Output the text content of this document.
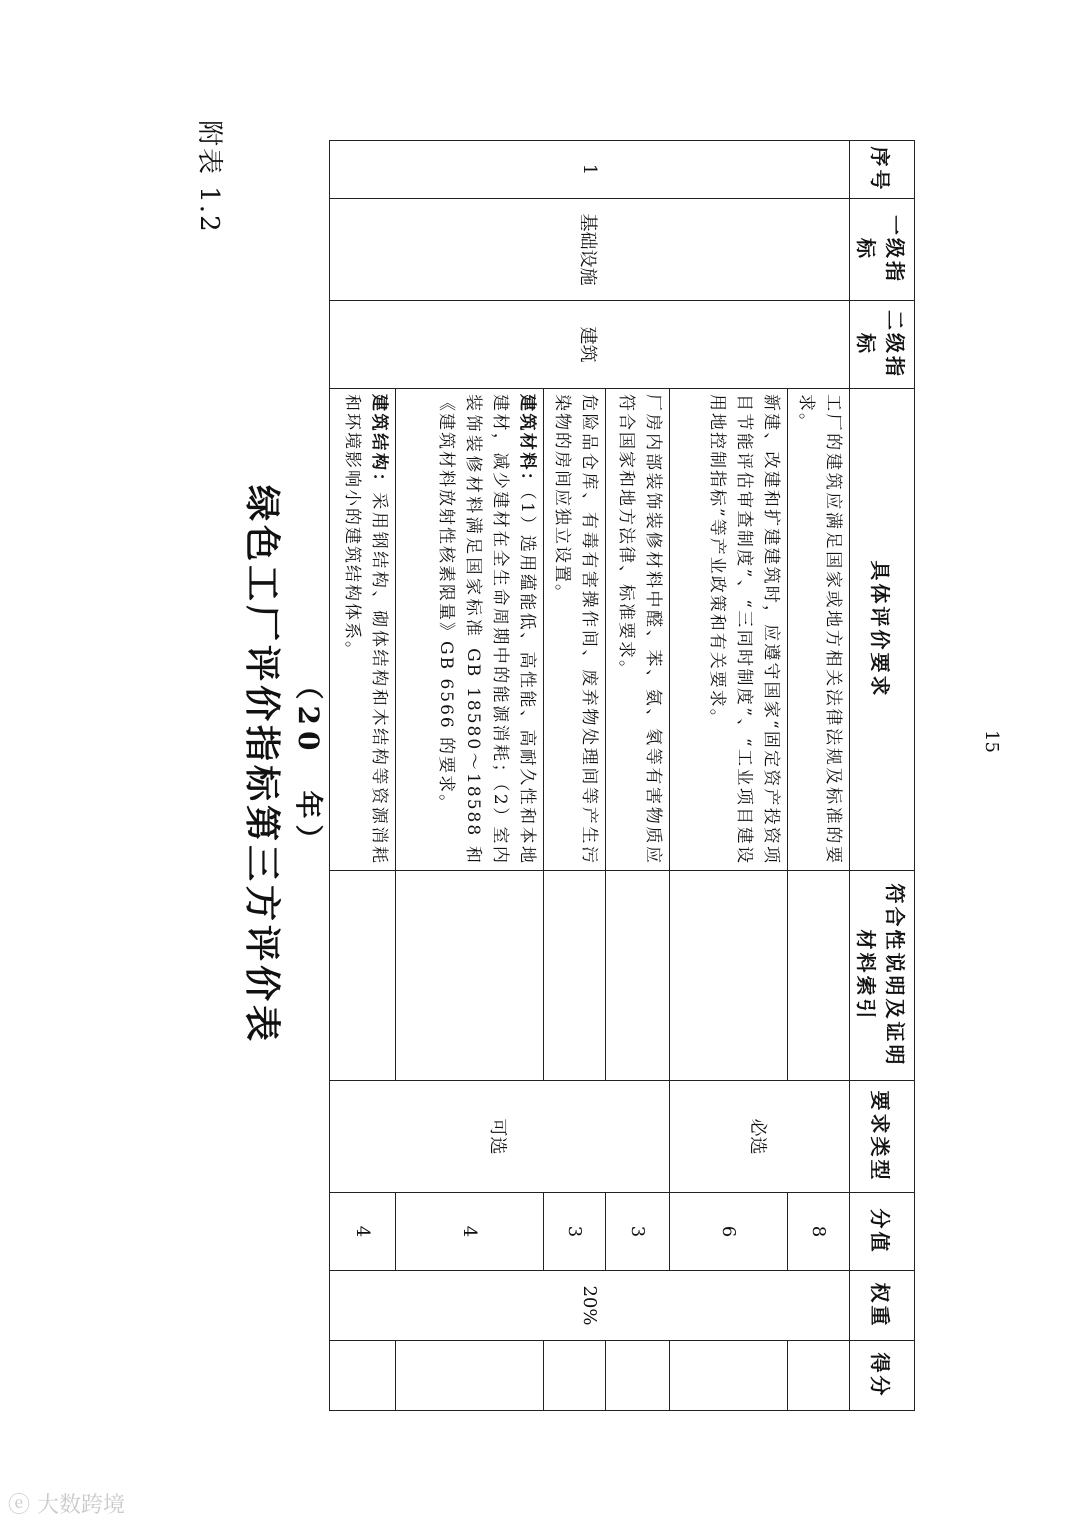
附表 1.2
绿色工厂评价指标第三方评价表 （20　年）	15
序号	一级指标	二级指标	具体评价要求	符合性说明及证明材料索引	要求类型	分值	权重	得分
1	基础设施	建筑	工厂的建筑应满足国家或地方相关法律法规及标准的要求。		必选	8	20%	
			新建、改建和扩建建筑时，应遵守国家“固定资产投资项目节能评估审查制度”、“三同时制度”、“工业项目建设用地控制指标”等产业政策和有关要求。			6		
			厂房内部装饰装修材料中醛、苯、氨、氡等有害物质应符合国家和地方法律、标准要求。		可选	3		
			危险品仓库、有毒有害操作间、废弃物处理间等产生污染物的房间应独立设置。			3		
			建筑材料：（1）选用蕴能低、高性能、高耐久性和本地建材，减少建材在全生命周期中的能源消耗；（2）室内装饰装修材料满足国家标准 GB 18580～18588 和《建筑材料放射性核素限量》GB 6566 的要求。			4		
			建筑结构：采用钢结构、砌体结构和木结构等资源消耗和环境影响小的建筑结构体系。			4		
ⓔ 大数跨境
